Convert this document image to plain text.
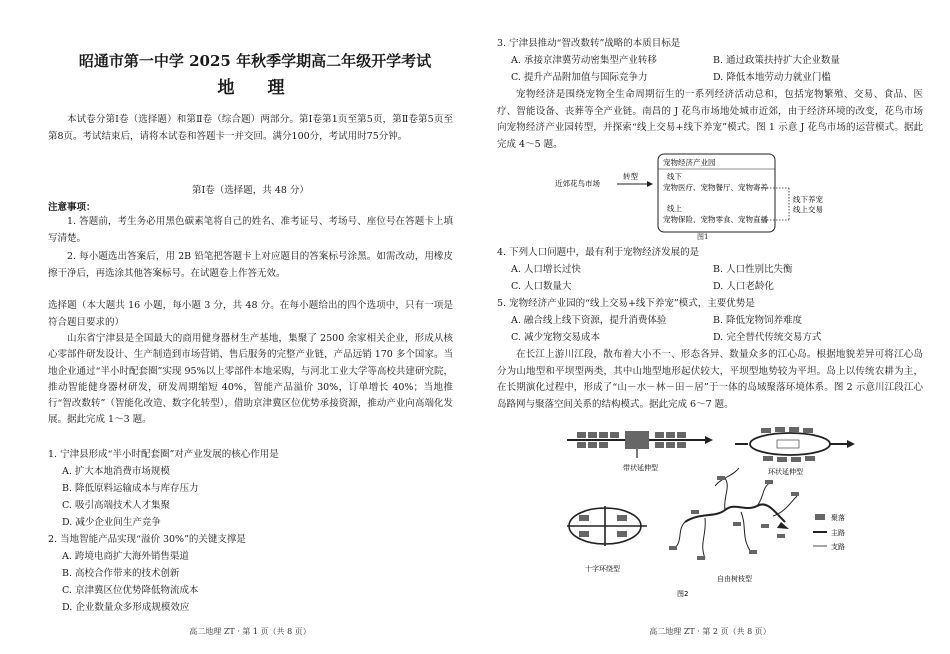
昭通市第一中学 2025 年秋季学期高二年级开学考试
地　理
本试卷分第Ⅰ卷（选择题）和第Ⅱ卷（综合题）两部分。第Ⅰ卷第1页至第5页，第Ⅱ卷第5页至第8页。考试结束后，请将本试卷和答题卡一并交回。满分100分，考试用时75分钟。
第Ⅰ卷（选择题，共 48 分）
注意事项：
1. 答题前，考生务必用黑色碳素笔将自己的姓名、准考证号、考场号、座位号在答题卡上填写清楚。
2. 每小题选出答案后，用 2B 铅笔把答题卡上对应题目的答案标号涂黑。如需改动，用橡皮擦干净后，再选涂其他答案标号。在试题卷上作答无效。
选择题（本大题共 16 小题，每小题 3 分，共 48 分。在每小题给出的四个选项中，只有一项是符合题目要求的）
山东省宁津县是全国最大的商用健身器材生产基地，集聚了 2500 余家相关企业，形成从核心零部件研发设计、生产制造到市场营销、售后服务的完整产业链，产品远销 170 多个国家。当地企业通过“半小时配套圈”实现 95%以上零部件本地采购，与河北工业大学等高校共建研究院，推动智能健身器材研发，研发周期缩短 40%，智能产品溢价 30%，订单增长 40%；当地推行“智改数转”（智能化改造、数字化转型），借助京津冀区位优势承接资源，推动产业向高端化发展。据此完成 1～3 题。
1. 宁津县形成“半小时配套圈”对产业发展的核心作用是
A. 扩大本地消费市场规模
B. 降低原料运输成本与库存压力
C. 吸引高端技术人才集聚
D. 减少企业间生产竞争
2. 当地智能产品实现“溢价 30%”的关键支撑是
A. 跨境电商扩大海外销售渠道
B. 高校合作带来的技术创新
C. 京津冀区位优势降低物流成本
D. 企业数量众多形成规模效应
高二地理 ZT · 第 1 页（共 8 页）
3. 宁津县推动“智改数转”战略的本质目标是
A. 承接京津冀劳动密集型产业转移	B. 通过政策扶持扩大企业数量
C. 提升产品附加值与国际竞争力	D. 降低本地劳动力就业门槛
宠物经济是围绕宠物全生命周期衍生的一系列经济活动总和，包括宠物繁殖、交易、食品、医疗、智能设备、丧葬等全产业链。南昌的 J 花鸟市场地处城市近郊，由于经济环境的改变，花鸟市场向宠物经济产业园转型，并探索“线上交易+线下养宠”模式。图 1 示意 J 花鸟市场的运营模式。据此完成 4～5 题。
近郊花鸟市场
转型
宠物经济产业园
线下
宠物医疗、宠物餐厅、宠物寄养
线上
宠物保险、宠物零食、宠物直播
线下养宠
线上交易
图1
4. 下列人口问题中，最有利于宠物经济发展的是
A. 人口增长过快	B. 人口性别比失衡
C. 人口数量大	D. 人口老龄化
5. 宠物经济产业园的“线上交易+线下养宠”模式，主要优势是
A. 融合线上线下资源，提升消费体验	B. 降低宠物饲养难度
C. 减少宠物交易成本	D. 完全替代传统交易方式
在长江上游川江段，散布着大小不一、形态各异、数量众多的江心岛。根据地貌差异可将江心岛分为山地型和平坝型两类，其中山地型地形起伏较大，平坝型地势较为平坦。岛上以传统农耕为主，在长期演化过程中，形成了“山－水－林－田－居”于一体的岛域聚落环境体系。图 2 示意川江段江心岛路网与聚落空间关系的结构模式。据此完成 6～7 题。
带状延伸型	环状延伸型
十字环绕型
自由树枝型
聚落
主路
支路
图2
高二地理 ZT · 第 2 页（共 8 页）
